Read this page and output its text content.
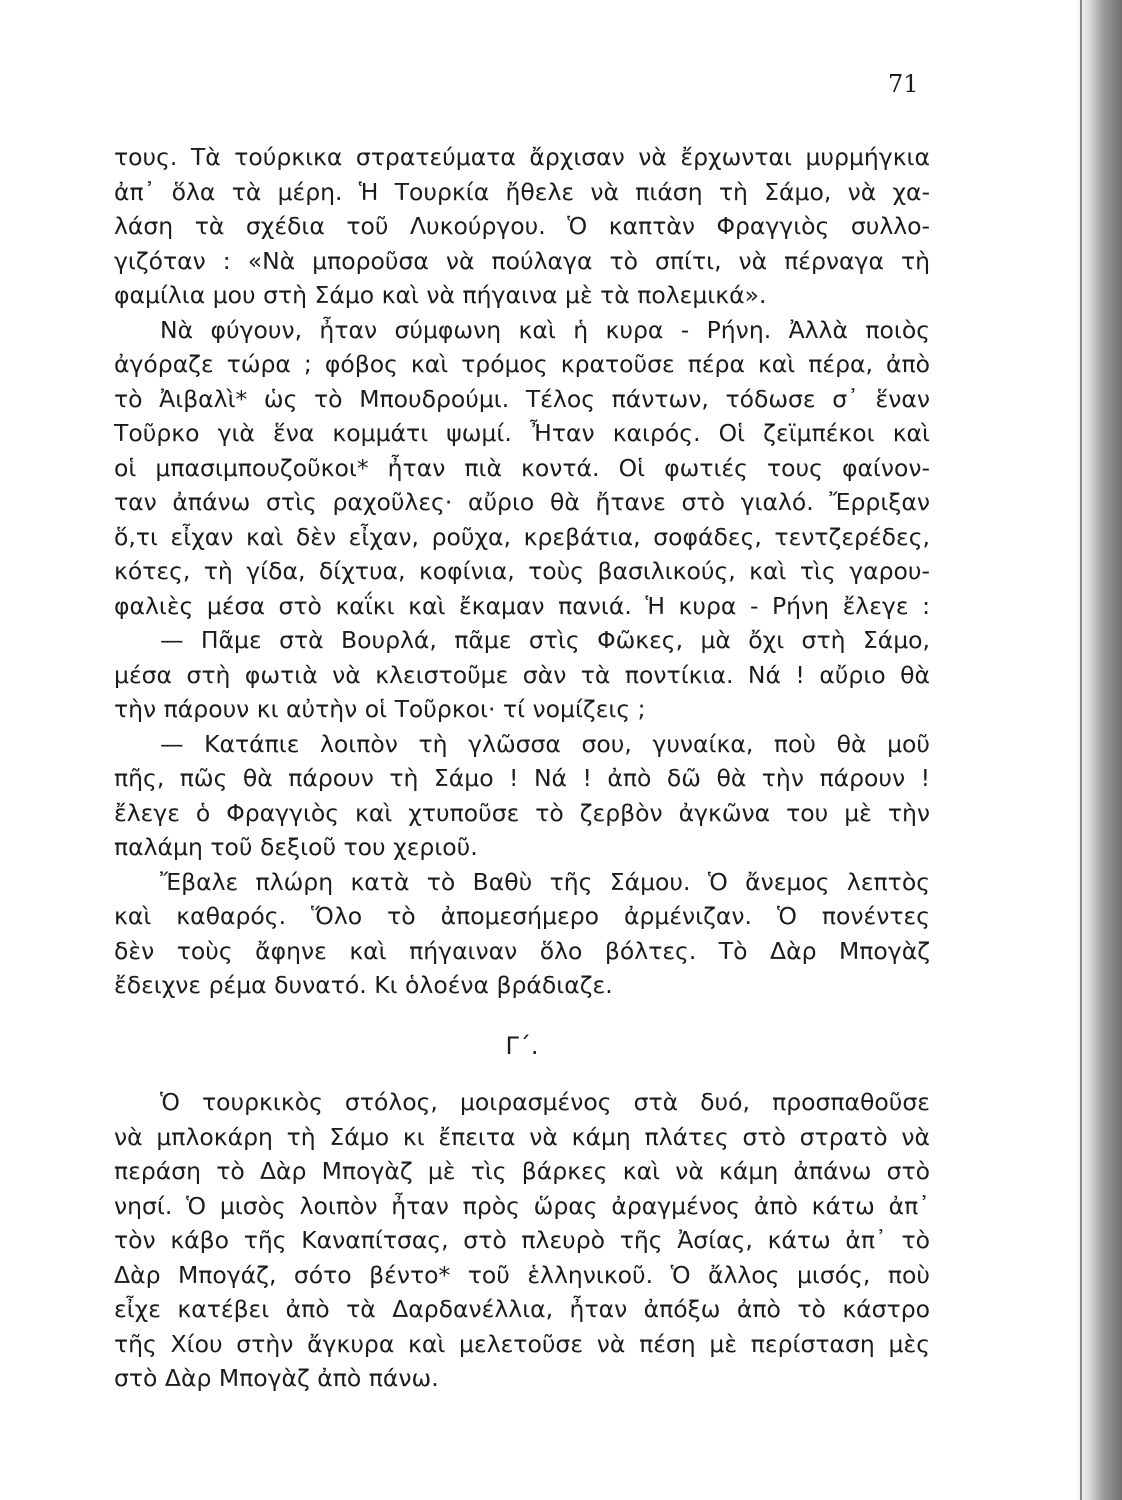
71
τους. Τὰ τούρκικα στρατεύματα ἄρχισαν νὰ ἔρχωνται μυρμήγκια
ἀπ᾽ ὅλα τὰ μέρη. Ἡ Τουρκία ἤθελε νὰ πιάση τὴ Σάμο, νὰ χα-
λάση τὰ σχέδια τοῦ Λυκούργου. Ὁ καπτὰν Φραγγιὸς συλλο-
γιζόταν : «Νὰ μποροῦσα νὰ πούλαγα τὸ σπίτι, νὰ πέρναγα τὴ
φαμίλια μου στὴ Σάμο καὶ νὰ πήγαινα μὲ τὰ πολεμικά».
Νὰ φύγουν, ἦταν σύμφωνη καὶ ἡ κυρα - Ρήνη. Ἀλλὰ ποιὸς
ἀγόραζε τώρα ; φόβος καὶ τρόμος κρατοῦσε πέρα καὶ πέρα, ἀπὸ
τὸ Ἀιβαλὶ* ὡς τὸ Μπουδρούμι. Τέλος πάντων, τόδωσε σ᾽ ἕναν
Τοῦρκο γιὰ ἕνα κομμάτι ψωμί. Ἦταν καιρός. Οἱ ζεϊμπέκοι καὶ
οἱ μπασιμπουζοῦκοι* ἦταν πιὰ κοντά. Οἱ φωτιές τους φαίνον-
ταν ἀπάνω στὶς ραχοῦλες· αὔριο θὰ ἤτανε στὸ γιαλό. Ἔρριξαν
ὅ,τι εἶχαν καὶ δὲν εἶχαν, ροῦχα, κρεβάτια, σοφάδες, τεντζερέδες,
κότες, τὴ γίδα, δίχτυα, κοφίνια, τοὺς βασιλικούς, καὶ τὶς γαρου-
φαλιὲς μέσα στὸ καΐκι καὶ ἔκαμαν πανιά. Ἡ κυρα - Ρήνη ἔλεγε :
— Πᾶμε στὰ Βουρλά, πᾶμε στὶς Φῶκες, μὰ ὄχι στὴ Σάμο,
μέσα στὴ φωτιὰ νὰ κλειστοῦμε σὰν τὰ ποντίκια. Νά ! αὔριο θὰ
τὴν πάρουν κι αὐτὴν οἱ Τοῦρκοι· τί νομίζεις ;
— Κατάπιε λοιπὸν τὴ γλῶσσα σου, γυναίκα, ποὺ θὰ μοῦ
πῆς, πῶς θὰ πάρουν τὴ Σάμο ! Νά ! ἀπὸ δῶ θὰ τὴν πάρουν !
ἔλεγε ὁ Φραγγιὸς καὶ χτυποῦσε τὸ ζερβὸν ἀγκῶνα του μὲ τὴν
παλάμη τοῦ δεξιοῦ του χεριοῦ.
Ἔβαλε πλώρη κατὰ τὸ Βαθὺ τῆς Σάμου. Ὁ ἄνεμος λεπτὸς
καὶ καθαρός. Ὅλο τὸ ἀπομεσήμερο ἀρμένιζαν. Ὁ πονέντες
δὲν τοὺς ἄφηνε καὶ πήγαιναν ὅλο βόλτες. Τὸ Δὰρ Μπογὰζ
ἔδειχνε ρέμα δυνατό. Κι ὁλοένα βράδιαζε.
Γ΄.
Ὁ τουρκικὸς στόλος, μοιρασμένος στὰ δυό, προσπαθοῦσε
νὰ μπλοκάρη τὴ Σάμο κι ἔπειτα νὰ κάμη πλάτες στὸ στρατὸ νὰ
περάση τὸ Δὰρ Μπογὰζ μὲ τὶς βάρκες καὶ νὰ κάμη ἀπάνω στὸ
νησί. Ὁ μισὸς λοιπὸν ἦταν πρὸς ὥρας ἀραγμένος ἀπὸ κάτω ἀπ᾽
τὸν κάβο τῆς Καναπίτσας, στὸ πλευρὸ τῆς Ἀσίας, κάτω ἀπ᾽ τὸ
Δὰρ Μπογάζ, σότο βέντο* τοῦ ἑλληνικοῦ. Ὁ ἄλλος μισός, ποὺ
εἶχε κατέβει ἀπὸ τὰ Δαρδανέλλια, ἦταν ἀπόξω ἀπὸ τὸ κάστρο
τῆς Χίου στὴν ἄγκυρα καὶ μελετοῦσε νὰ πέση μὲ περίσταση μὲς
στὸ Δὰρ Μπογὰζ ἀπὸ πάνω.
